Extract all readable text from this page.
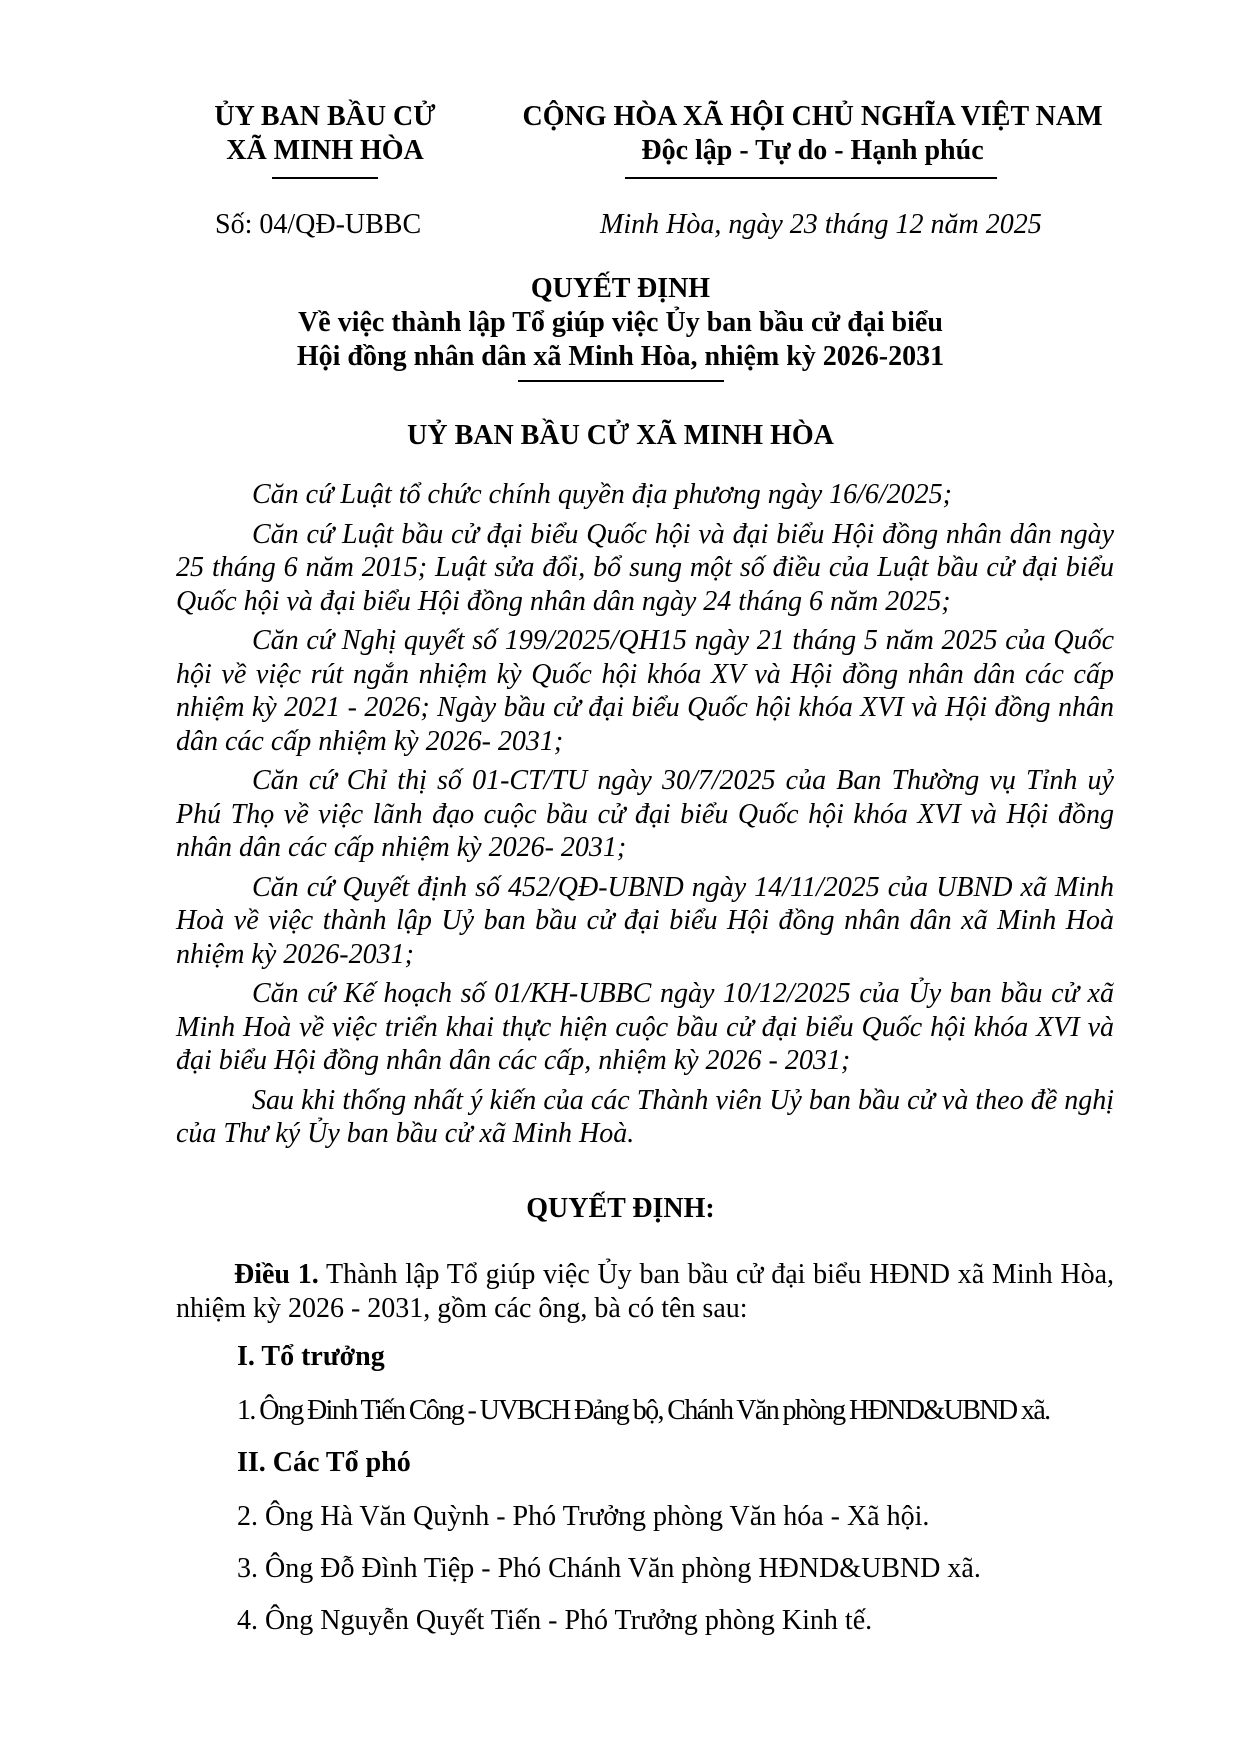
ỦY BAN BẦU CỬ
XÃ MINH HÒA
CỘNG HÒA XÃ HỘI CHỦ NGHĨA VIỆT NAM
Độc lập - Tự do - Hạnh phúc
Số: 04/QĐ-UBBC	Minh Hòa, ngày 23 tháng 12 năm 2025
QUYẾT ĐỊNH
Về việc thành lập Tổ giúp việc Ủy ban bầu cử đại biểu
Hội đồng nhân dân xã Minh Hòa, nhiệm kỳ 2026-2031
UỶ BAN BẦU CỬ XÃ MINH HÒA

Căn cứ Luật tổ chức chính quyền địa phương ngày 16/6/2025;

Căn cứ Luật bầu cử đại biểu Quốc hội và đại biểu Hội đồng nhân dân ngày 25 tháng 6 năm 2015; Luật sửa đổi, bổ sung một số điều của Luật bầu cử đại biểu Quốc hội và đại biểu Hội đồng nhân dân ngày 24 tháng 6 năm 2025;

Căn cứ Nghị quyết số 199/2025/QH15 ngày 21 tháng 5 năm 2025 của Quốc hội về việc rút ngắn nhiệm kỳ Quốc hội khóa XV và Hội đồng nhân dân các cấp nhiệm kỳ 2021 - 2026; Ngày bầu cử đại biểu Quốc hội khóa XVI và Hội đồng nhân dân các cấp nhiệm kỳ 2026- 2031;

Căn cứ Chỉ thị số 01-CT/TU ngày 30/7/2025 của Ban Thường vụ Tỉnh uỷ Phú Thọ về việc lãnh đạo cuộc bầu cử đại biểu Quốc hội khóa XVI và Hội đồng nhân dân các cấp nhiệm kỳ 2026- 2031;

Căn cứ Quyết định số 452/QĐ-UBND ngày 14/11/2025 của UBND xã Minh Hoà về việc thành lập Uỷ ban bầu cử đại biểu Hội đồng nhân dân xã Minh Hoà nhiệm kỳ 2026-2031;

Căn cứ Kế hoạch số 01/KH-UBBC ngày 10/12/2025 của Ủy ban bầu cử xã Minh Hoà về việc triển khai thực hiện cuộc bầu cử đại biểu Quốc hội khóa XVI và đại biểu Hội đồng nhân dân các cấp, nhiệm kỳ 2026 - 2031;

Sau khi thống nhất ý kiến của các Thành viên Uỷ ban bầu cử và theo đề nghị của Thư ký Ủy ban bầu cử xã Minh Hoà.

QUYẾT ĐỊNH:

Điều 1. Thành lập Tổ giúp việc Ủy ban bầu cử đại biểu HĐND xã Minh Hòa, nhiệm kỳ 2026 - 2031, gồm các ông, bà có tên sau:

I. Tổ trưởng
1. Ông Đinh Tiến Công - UVBCH Đảng bộ, Chánh Văn phòng HĐND&UBND xã.
II. Các Tổ phó
2. Ông Hà Văn Quỳnh - Phó Trưởng phòng Văn hóa - Xã hội.
3. Ông Đỗ Đình Tiệp - Phó Chánh Văn phòng HĐND&UBND xã.
4. Ông Nguyễn Quyết Tiến - Phó Trưởng phòng Kinh tế.
